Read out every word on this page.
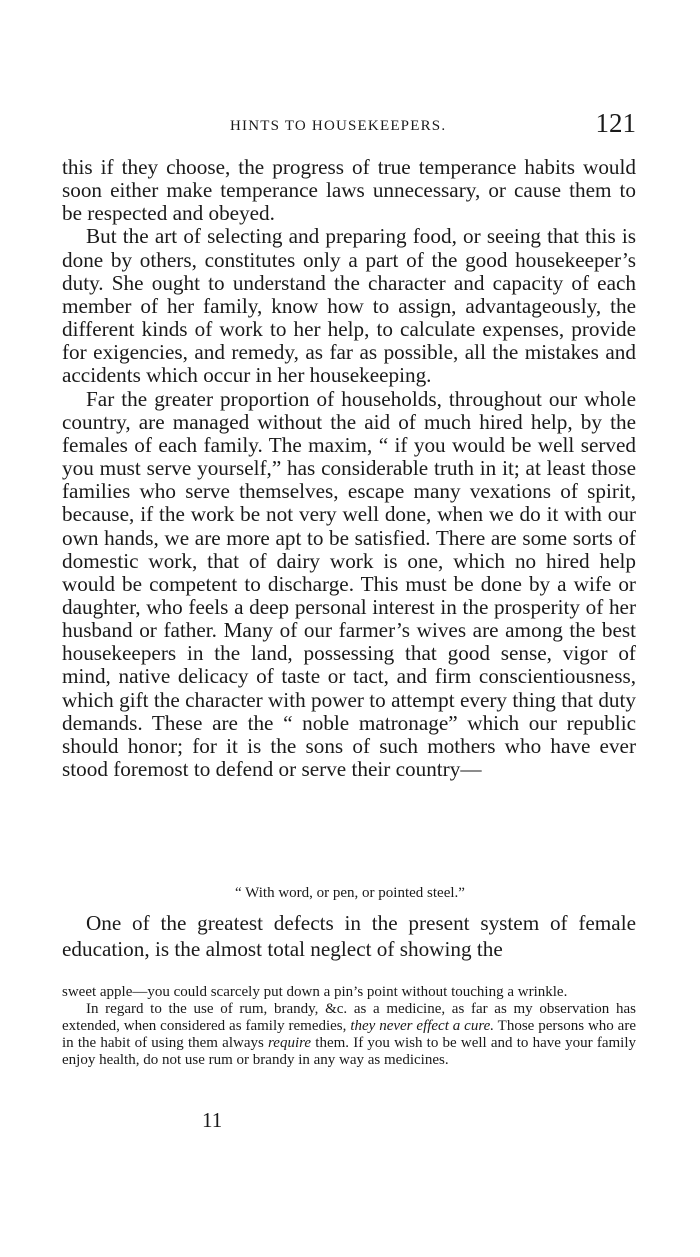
HINTS TO HOUSEKEEPERS.	121

this if they choose, the progress of true temperance habits would soon either make temperance laws unnecessary, or cause them to be respected and obeyed.

But the art of selecting and preparing food, or seeing that this is done by others, constitutes only a part of the good housekeeper’s duty. She ought to understand the character and capacity of each member of her family, know how to assign, advantageously, the different kinds of work to her help, to calculate expenses, provide for exigencies, and remedy, as far as possible, all the mistakes and accidents which occur in her housekeeping.

Far the greater proportion of households, throughout our whole country, are managed without the aid of much hired help, by the females of each family. The maxim, “ if you would be well served you must serve yourself,” has considerable truth in it; at least those families who serve themselves, escape many vexations of spirit, because, if the work be not very well done, when we do it with our own hands, we are more apt to be satisfied. There are some sorts of domestic work, that of dairy work is one, which no hired help would be competent to discharge. This must be done by a wife or daughter, who feels a deep personal interest in the prosperity of her husband or father. Many of our farmer’s wives are among the best housekeepers in the land, possessing that good sense, vigor of mind, native delicacy of taste or tact, and firm conscientiousness, which gift the character with power to attempt every thing that duty demands. These are the “ noble matronage” which our republic should honor; for it is the sons of such mothers who have ever stood foremost to defend or serve their country—

“ With word, or pen, or pointed steel.”
One of the greatest defects in the present system of female education, is the almost total neglect of showing the

sweet apple—you could scarcely put down a pin’s point without touching a wrinkle.

In regard to the use of rum, brandy, &c. as a medicine, as far as my observation has extended, when considered as family remedies, they never effect a cure. Those persons who are in the habit of using them always require them. If you wish to be well and to have your family enjoy health, do not use rum or brandy in any way as medicines.

11
